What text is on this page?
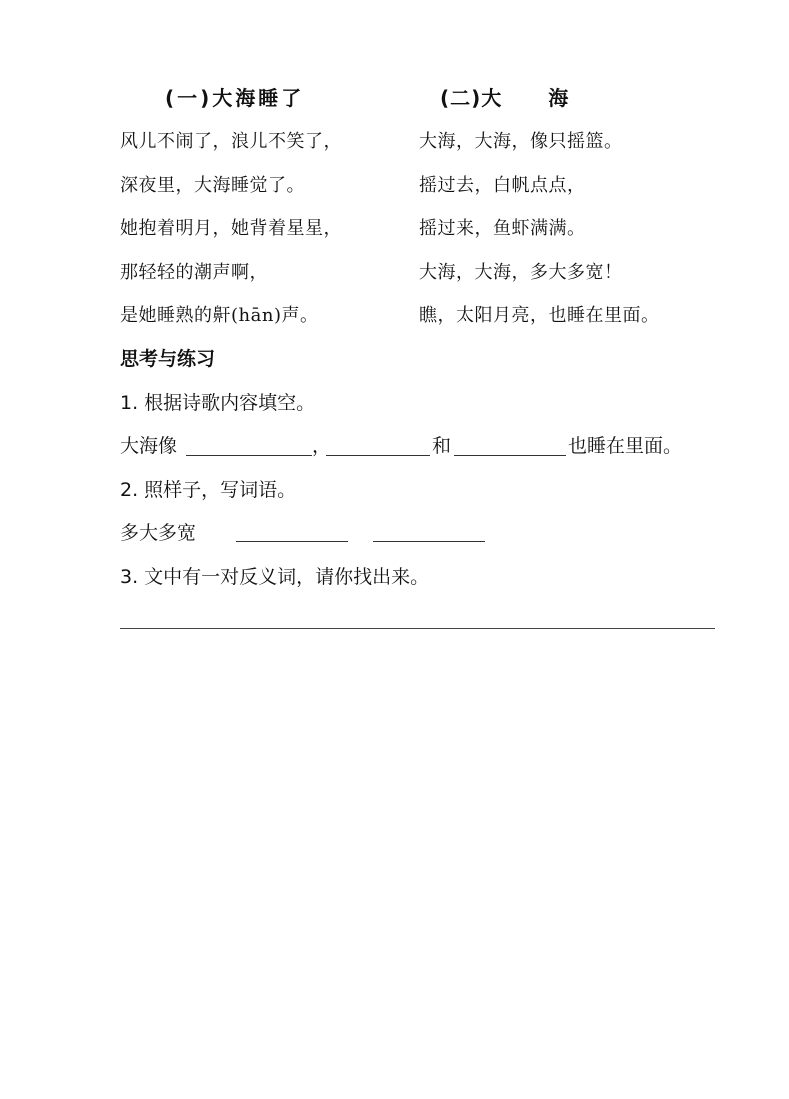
(一)大海睡了	(二)大 海
风儿不闹了，浪儿不笑了，
深夜里，大海睡觉了。
她抱着明月，她背着星星，
那轻轻的潮声啊，
是她睡熟的鼾(hān)声。
大海，大海，像只摇篮。
摇过去，白帆点点，
摇过来，鱼虾满满。
大海，大海，多大多宽！
瞧，太阳月亮，也睡在里面。
思考与练习
1. 根据诗歌内容填空。
大海像	，	和	也睡在里面。
2. 照样子，写词语。
多大多宽
3. 文中有一对反义词，请你找出来。
